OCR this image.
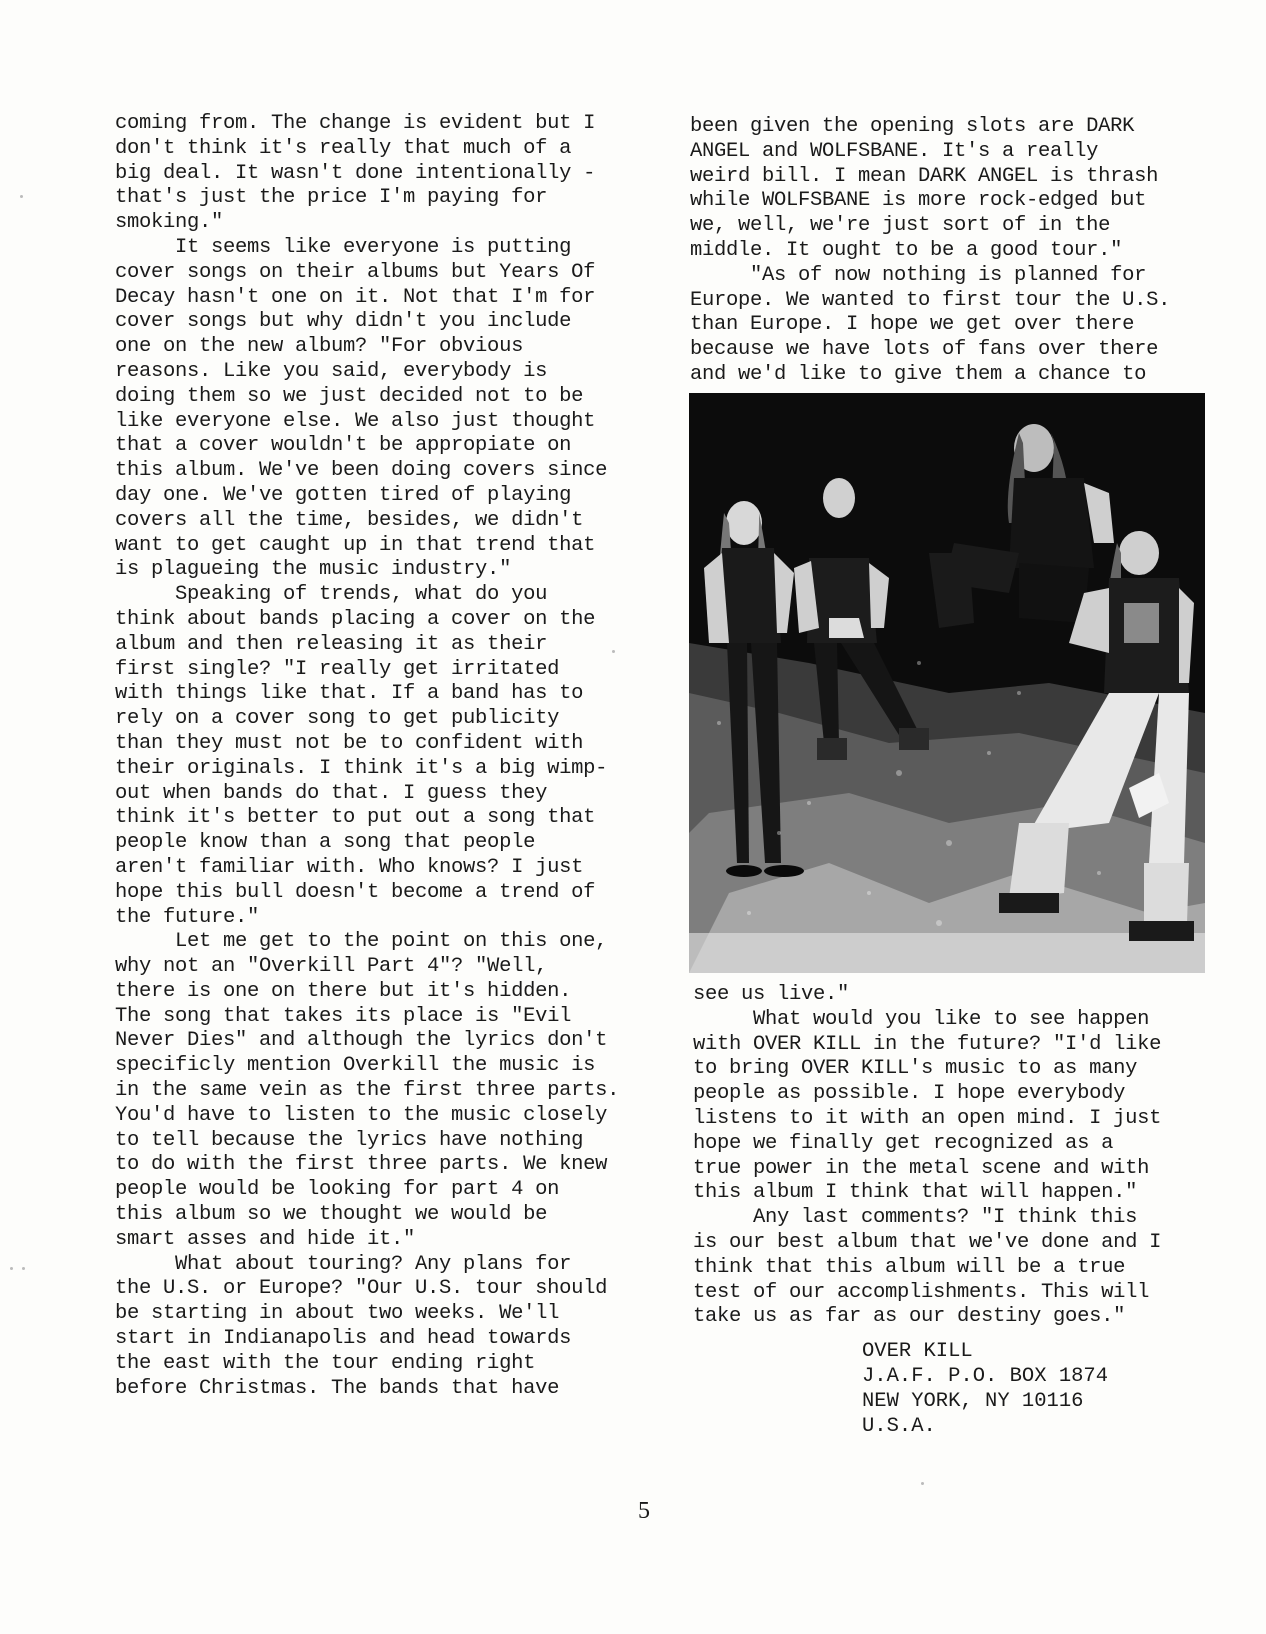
coming from. The change is evident but I
don't think it's really that much of a
big deal. It wasn't done intentionally -
that's just the price I'm paying for
smoking."
It seems like everyone is putting
cover songs on their albums but Years Of
Decay hasn't one on it. Not that I'm for
cover songs but why didn't you include
one on the new album? "For obvious
reasons. Like you said, everybody is
doing them so we just decided not to be
like everyone else. We also just thought
that a cover wouldn't be appropiate on
this album. We've been doing covers since
day one. We've gotten tired of playing
covers all the time, besides, we didn't
want to get caught up in that trend that
is plagueing the music industry."
Speaking of trends, what do you
think about bands placing a cover on the
album and then releasing it as their
first single? "I really get irritated
with things like that. If a band has to
rely on a cover song to get publicity
than they must not be to confident with
their originals. I think it's a big wimp-
out when bands do that. I guess they
think it's better to put out a song that
people know than a song that people
aren't familiar with. Who knows? I just
hope this bull doesn't become a trend of
the future."
Let me get to the point on this one,
why not an "Overkill Part 4"? "Well,
there is one on there but it's hidden.
The song that takes its place is "Evil
Never Dies" and although the lyrics don't
specificly mention Overkill the music is
in the same vein as the first three parts.
You'd have to listen to the music closely
to tell because the lyrics have nothing
to do with the first three parts. We knew
people would be looking for part 4 on
this album so we thought we would be
smart asses and hide it."
What about touring? Any plans for
the U.S. or Europe? "Our U.S. tour should
be starting in about two weeks. We'll
start in Indianapolis and head towards
the east with the tour ending right
before Christmas. The bands that have
been given the opening slots are DARK
ANGEL and WOLFSBANE. It's a really
weird bill. I mean DARK ANGEL is thrash
while WOLFSBANE is more rock-edged but
we, well, we're just sort of in the
middle. It ought to be a good tour."
"As of now nothing is planned for
Europe. We wanted to first tour the U.S.
than Europe. I hope we get over there
because we have lots of fans over there
and we'd like to give them a chance to
see us live."
What would you like to see happen
with OVER KILL in the future? "I'd like
to bring OVER KILL's music to as many
people as possible. I hope everybody
listens to it with an open mind. I just
hope we finally get recognized as a
true power in the metal scene and with
this album I think that will happen."
Any last comments? "I think this
is our best album that we've done and I
think that this album will be a true
test of our accomplishments. This will
take us as far as our destiny goes."
OVER KILL
J.A.F. P.O. BOX 1874
NEW YORK, NY 10116
U.S.A.
5
